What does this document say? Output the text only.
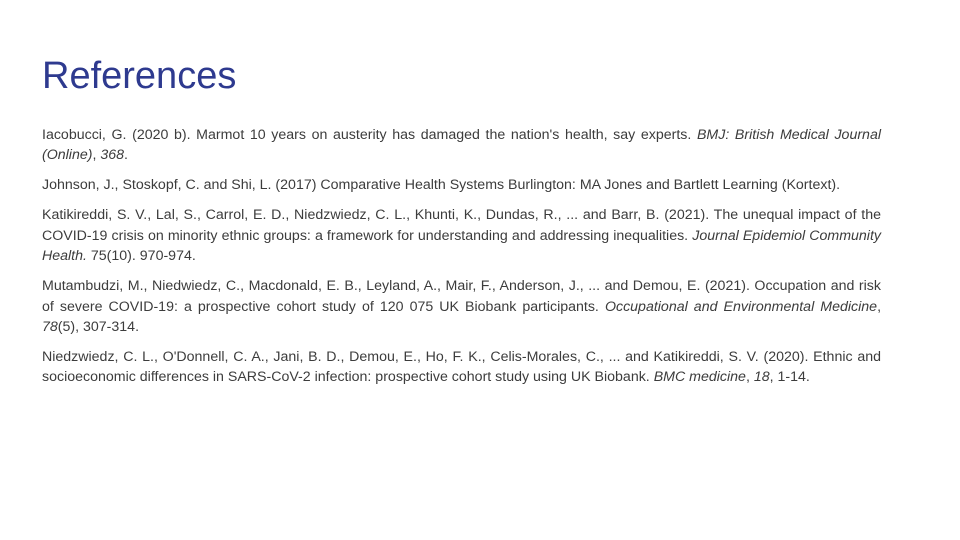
References

Iacobucci, G. (2020 b). Marmot 10 years on austerity has damaged the nation's health, say experts. BMJ: British Medical Journal (Online), 368.

Johnson, J., Stoskopf, C. and Shi, L. (2017) Comparative Health Systems Burlington: MA Jones and Bartlett Learning (Kortext).

Katikireddi, S. V., Lal, S., Carrol, E. D., Niedzwiedz, C. L., Khunti, K., Dundas, R., ... and Barr, B. (2021). The unequal impact of the COVID-19 crisis on minority ethnic groups: a framework for understanding and addressing inequalities. Journal Epidemiol Community Health. 75(10). 970-974.

Mutambudzi, M., Niedwiedz, C., Macdonald, E. B., Leyland, A., Mair, F., Anderson, J., ... and Demou, E. (2021). Occupation and risk of severe COVID-19: a prospective cohort study of 120 075 UK Biobank participants. Occupational and Environmental Medicine, 78(5), 307-314.

Niedzwiedz, C. L., O'Donnell, C. A., Jani, B. D., Demou, E., Ho, F. K., Celis-Morales, C., ... and Katikireddi, S. V. (2020). Ethnic and socioeconomic differences in SARS-CoV-2 infection: prospective cohort study using UK Biobank. BMC medicine, 18, 1-14.
